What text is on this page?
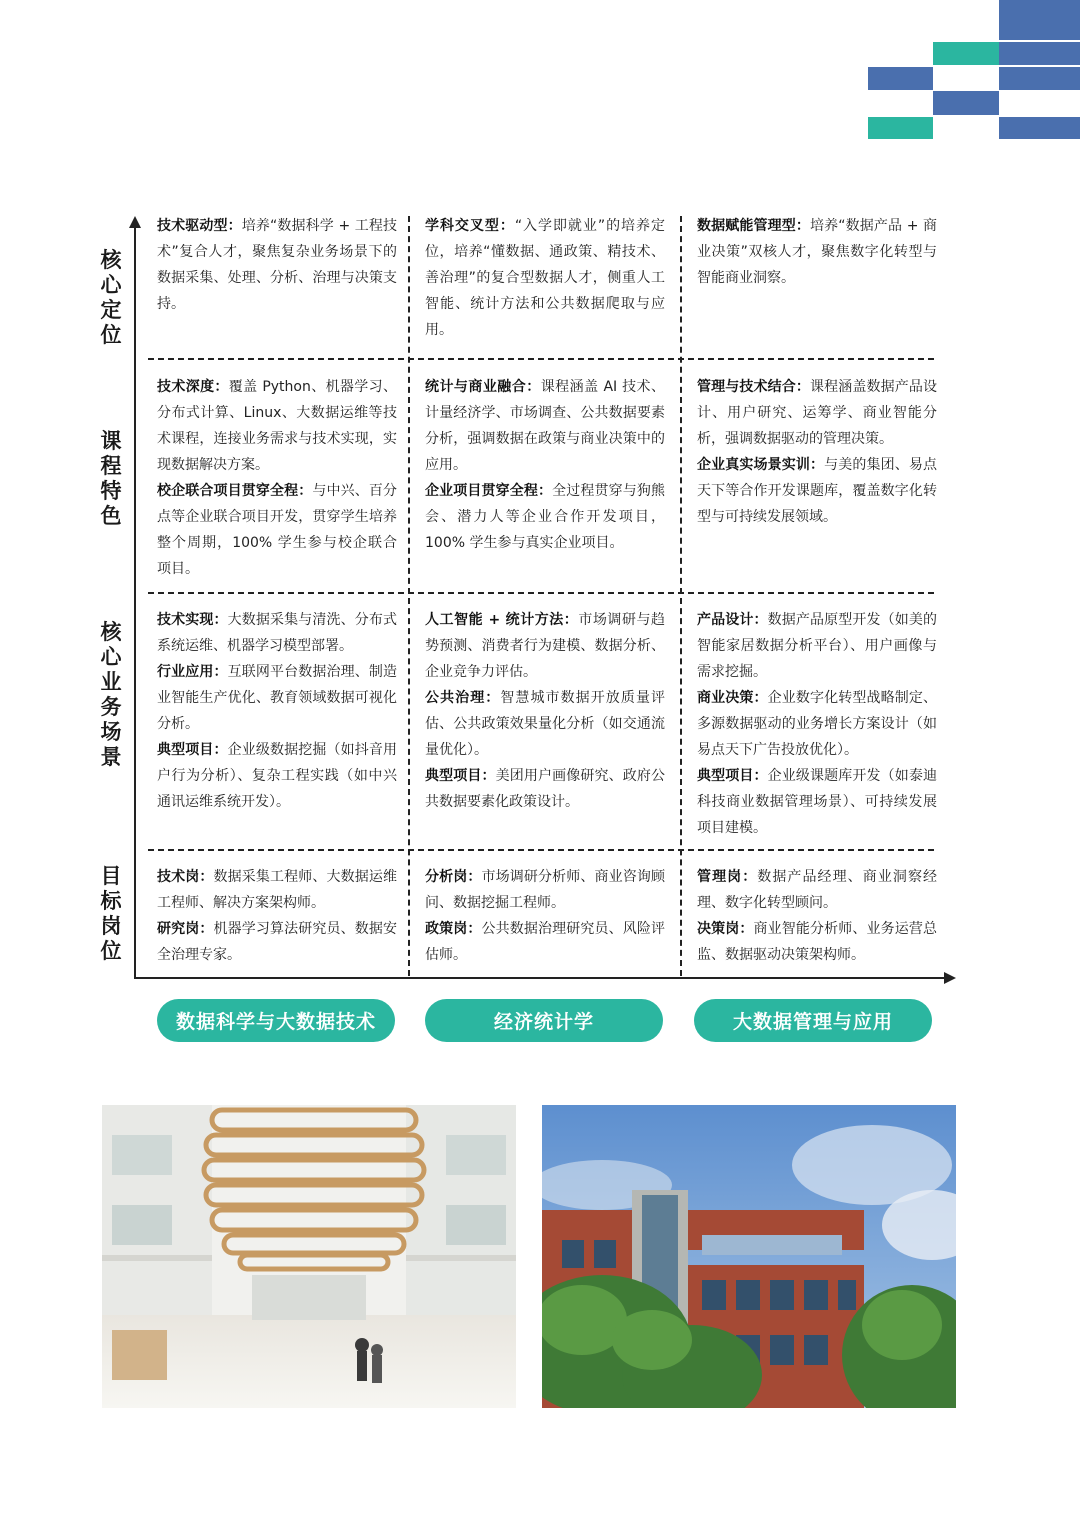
核
心
定
位
课
程
特
色
核
心
业
务
场
景
目
标
岗
位

技术驱动型：培养“数据科学 + 工程技术”复合人才，聚焦复杂业务场景下的数据采集、处理、分析、治理与决策支持。

学科交叉型：“入学即就业”的培养定位，培养“懂数据、通政策、精技术、善治理”的复合型数据人才，侧重人工智能、统计方法和公共数据爬取与应用。

数据赋能管理型：培养“数据产品 + 商业决策”双核人才，聚焦数字化转型与智能商业洞察。

技术深度：覆盖 Python、机器学习、分布式计算、Linux、大数据运维等技术课程，连接业务需求与技术实现，实现数据解决方案。

校企联合项目贯穿全程：与中兴、百分点等企业联合项目开发，贯穿学生培养整个周期，100% 学生参与校企联合项目。

统计与商业融合：课程涵盖 AI 技术、计量经济学、市场调查、公共数据要素分析，强调数据在政策与商业决策中的应用。

企业项目贯穿全程：全过程贯穿与狗熊会、潜力人等企业合作开发项目，100% 学生参与真实企业项目。

管理与技术结合：课程涵盖数据产品设计、用户研究、运筹学、商业智能分析，强调数据驱动的管理决策。

企业真实场景实训：与美的集团、易点天下等合作开发课题库，覆盖数字化转型与可持续发展领域。

技术实现：大数据采集与清洗、分布式系统运维、机器学习模型部署。

行业应用：互联网平台数据治理、制造业智能生产优化、教育领域数据可视化分析。

典型项目：企业级数据挖掘（如抖音用户行为分析）、复杂工程实践（如中兴通讯运维系统开发）。

人工智能 + 统计方法：市场调研与趋势预测、消费者行为建模、数据分析、企业竞争力评估。

公共治理：智慧城市数据开放质量评估、公共政策效果量化分析（如交通流量优化）。

典型项目：美团用户画像研究、政府公共数据要素化政策设计。

产品设计：数据产品原型开发（如美的智能家居数据分析平台）、用户画像与需求挖掘。

商业决策：企业数字化转型战略制定、多源数据驱动的业务增长方案设计（如易点天下广告投放优化）。

典型项目：企业级课题库开发（如泰迪科技商业数据管理场景）、可持续发展项目建模。

技术岗：数据采集工程师、大数据运维工程师、解决方案架构师。

研究岗：机器学习算法研究员、数据安全治理专家。

分析岗：市场调研分析师、商业咨询顾问、数据挖掘工程师。

政策岗：公共数据治理研究员、风险评估师。

管理岗：数据产品经理、商业洞察经理、数字化转型顾问。

决策岗：商业智能分析师、业务运营总监、数据驱动决策架构师。

数据科学与大数据技术	经济统计学	大数据管理与应用
